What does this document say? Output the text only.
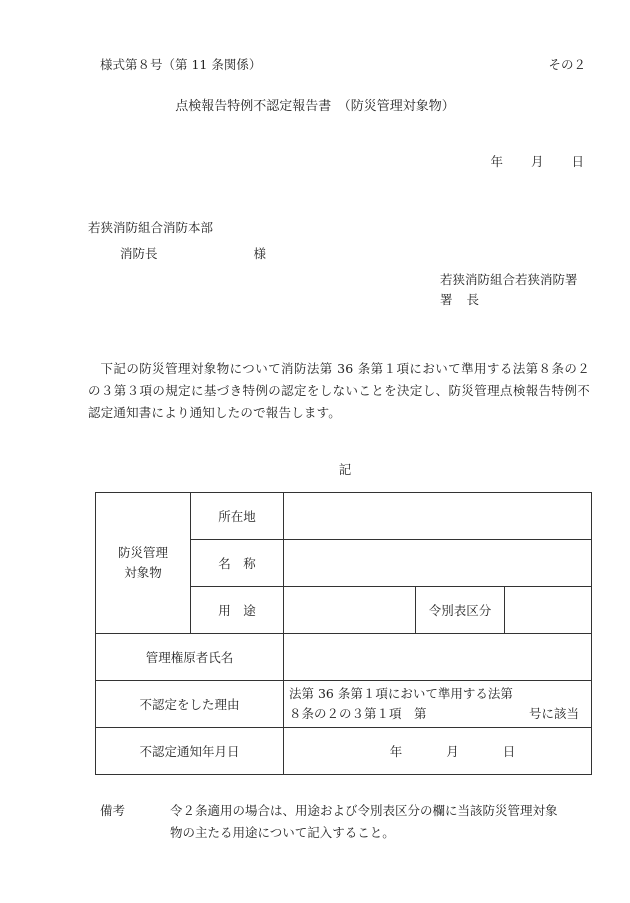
様式第８号（第 11 条関係）	その２
点検報告特例不認定報告書　（防災管理対象物）
年 月 日
若狭消防組合消防本部
消防長	様
若狭消防組合若狭消防署
署 長
下記の防災管理対象物について消防法第 36 条第１項において準用する法第８条の２の３第３項の規定に基づき特例の認定をしないことを決定し、防災管理点検報告特例不認定通知書により通知したので報告します。
記
防災管理
対象物	所在地			
	名　称			
	用　途		令別表区分	
管理権原者氏名				
不認定をした理由		法第 36 条第１項において準用する法第
８条の２の３第１項　第 号に該当		

不認定通知年月日		年 月 日		
備考	令２条適用の場合は、用途および令別表区分の欄に当該防災管理対象
物の主たる用途について記入すること。
